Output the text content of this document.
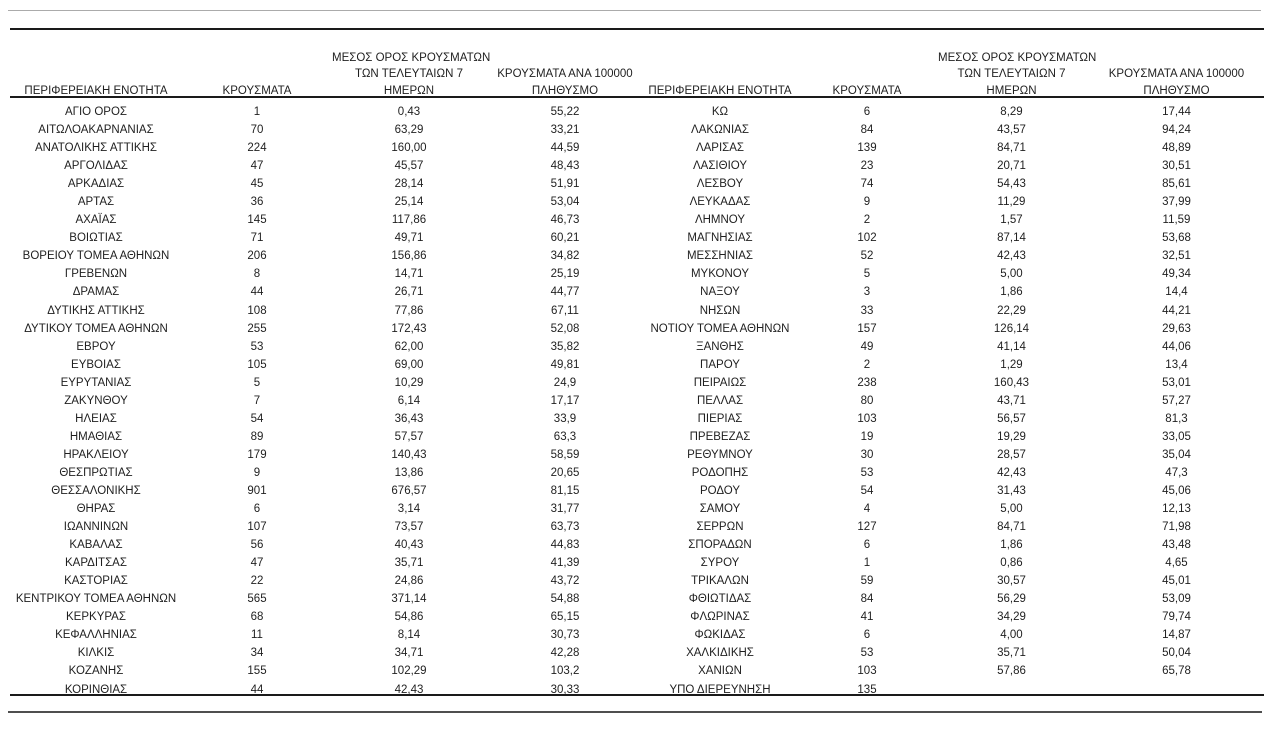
ΠΕΡΙΦΕΡΕΙΑΚΗ ΕΝΟΤΗΤΑ	ΚΡΟΥΣΜΑΤΑ	ΜΕΣΟΣ ΟΡΟΣ ΚΡΟΥΣΜΑΤΩΝ
ΤΩΝ ΤΕΛΕΥΤΑΙΩΝ 7
ΗΜΕΡΩΝ	ΚΡΟΥΣΜΑΤΑ ΑΝΑ 100000
ΠΛΗΘΥΣΜΟ

ΑΓΙΟ ΟΡΟΣ	1	0,43	55,22
ΑΙΤΩΛΟΑΚΑΡΝΑΝΙΑΣ	70	63,29	33,21
ΑΝΑΤΟΛΙΚΗΣ ΑΤΤΙΚΗΣ	224	160,00	44,59
ΑΡΓΟΛΙΔΑΣ	47	45,57	48,43
ΑΡΚΑΔΙΑΣ	45	28,14	51,91
ΑΡΤΑΣ	36	25,14	53,04
ΑΧΑΪΑΣ	145	117,86	46,73
ΒΟΙΩΤΙΑΣ	71	49,71	60,21
ΒΟΡΕΙΟΥ ΤΟΜΕΑ ΑΘΗΝΩΝ	206	156,86	34,82
ΓΡΕΒΕΝΩΝ	8	14,71	25,19
ΔΡΑΜΑΣ	44	26,71	44,77
ΔΥΤΙΚΗΣ ΑΤΤΙΚΗΣ	108	77,86	67,11
ΔΥΤΙΚΟΥ ΤΟΜΕΑ ΑΘΗΝΩΝ	255	172,43	52,08
ΕΒΡΟΥ	53	62,00	35,82
ΕΥΒΟΙΑΣ	105	69,00	49,81
ΕΥΡΥΤΑΝΙΑΣ	5	10,29	24,9
ΖΑΚΥΝΘΟΥ	7	6,14	17,17
ΗΛΕΙΑΣ	54	36,43	33,9
ΗΜΑΘΙΑΣ	89	57,57	63,3
ΗΡΑΚΛΕΙΟΥ	179	140,43	58,59
ΘΕΣΠΡΩΤΙΑΣ	9	13,86	20,65
ΘΕΣΣΑΛΟΝΙΚΗΣ	901	676,57	81,15
ΘΗΡΑΣ	6	3,14	31,77
ΙΩΑΝΝΙΝΩΝ	107	73,57	63,73
ΚΑΒΑΛΑΣ	56	40,43	44,83
ΚΑΡΔΙΤΣΑΣ	47	35,71	41,39
ΚΑΣΤΟΡΙΑΣ	22	24,86	43,72
ΚΕΝΤΡΙΚΟΥ ΤΟΜΕΑ ΑΘΗΝΩΝ	565	371,14	54,88
ΚΕΡΚΥΡΑΣ	68	54,86	65,15
ΚΕΦΑΛΛΗΝΙΑΣ	11	8,14	30,73
ΚΙΛΚΙΣ	34	34,71	42,28
ΚΟΖΑΝΗΣ	155	102,29	103,2
ΚΟΡΙΝΘΙΑΣ	44	42,43	30,33
ΠΕΡΙΦΕΡΕΙΑΚΗ ΕΝΟΤΗΤΑ	ΚΡΟΥΣΜΑΤΑ	ΜΕΣΟΣ ΟΡΟΣ ΚΡΟΥΣΜΑΤΩΝ
ΤΩΝ ΤΕΛΕΥΤΑΙΩΝ 7
ΗΜΕΡΩΝ	ΚΡΟΥΣΜΑΤΑ ΑΝΑ 100000
ΠΛΗΘΥΣΜΟ

ΚΩ	6	8,29	17,44
ΛΑΚΩΝΙΑΣ	84	43,57	94,24
ΛΑΡΙΣΑΣ	139	84,71	48,89
ΛΑΣΙΘΙΟΥ	23	20,71	30,51
ΛΕΣΒΟΥ	74	54,43	85,61
ΛΕΥΚΑΔΑΣ	9	11,29	37,99
ΛΗΜΝΟΥ	2	1,57	11,59
ΜΑΓΝΗΣΙΑΣ	102	87,14	53,68
ΜΕΣΣΗΝΙΑΣ	52	42,43	32,51
ΜΥΚΟΝΟΥ	5	5,00	49,34
ΝΑΞΟΥ	3	1,86	14,4
ΝΗΣΩΝ	33	22,29	44,21
ΝΟΤΙΟΥ ΤΟΜΕΑ ΑΘΗΝΩΝ	157	126,14	29,63
ΞΑΝΘΗΣ	49	41,14	44,06
ΠΑΡΟΥ	2	1,29	13,4
ΠΕΙΡΑΙΩΣ	238	160,43	53,01
ΠΕΛΛΑΣ	80	43,71	57,27
ΠΙΕΡΙΑΣ	103	56,57	81,3
ΠΡΕΒΕΖΑΣ	19	19,29	33,05
ΡΕΘΥΜΝΟΥ	30	28,57	35,04
ΡΟΔΟΠΗΣ	53	42,43	47,3
ΡΟΔΟΥ	54	31,43	45,06
ΣΑΜΟΥ	4	5,00	12,13
ΣΕΡΡΩΝ	127	84,71	71,98
ΣΠΟΡΑΔΩΝ	6	1,86	43,48
ΣΥΡΟΥ	1	0,86	4,65
ΤΡΙΚΑΛΩΝ	59	30,57	45,01
ΦΘΙΩΤΙΔΑΣ	84	56,29	53,09
ΦΛΩΡΙΝΑΣ	41	34,29	79,74
ΦΩΚΙΔΑΣ	6	4,00	14,87
ΧΑΛΚΙΔΙΚΗΣ	53	35,71	50,04
ΧΑΝΙΩΝ	103	57,86	65,78
ΥΠΟ ΔΙΕΡΕΥΝΗΣΗ	135		
